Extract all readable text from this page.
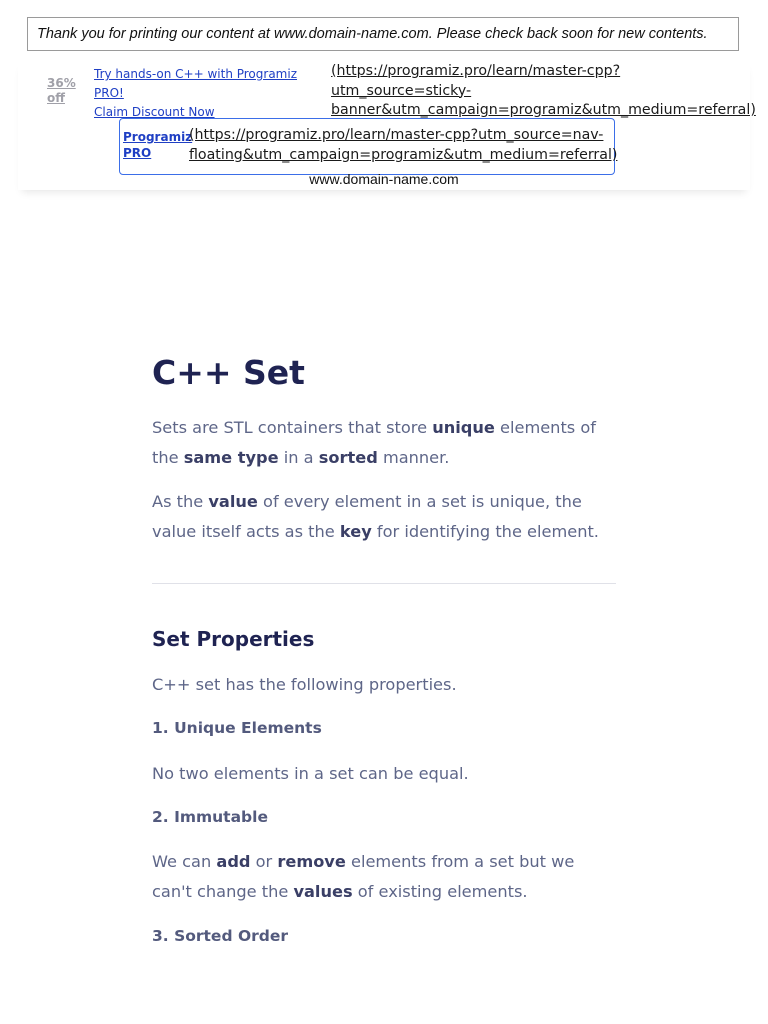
Thank you for printing our content at www.domain-name.com. Please check back soon for new contents.
36%
off
Try hands-on C++ with Programiz
PRO!
Claim Discount Now
(https://programiz.pro/learn/master-cpp?
utm_source=sticky-
banner&utm_campaign=programiz&utm_medium=referral)
Programiz
PRO
(https://programiz.pro/learn/master-cpp?utm_source=nav-
floating&utm_campaign=programiz&utm_medium=referral)
www.domain-name.com
C++ Set

Sets are STL containers that store unique elements of the same type in a sorted manner.

As the value of every element in a set is unique, the value itself acts as the key for identifying the element.

Set Properties

C++ set has the following properties.

1. Unique Elements

No two elements in a set can be equal.

2. Immutable

We can add or remove elements from a set but we can't change the values of existing elements.

3. Sorted Order
